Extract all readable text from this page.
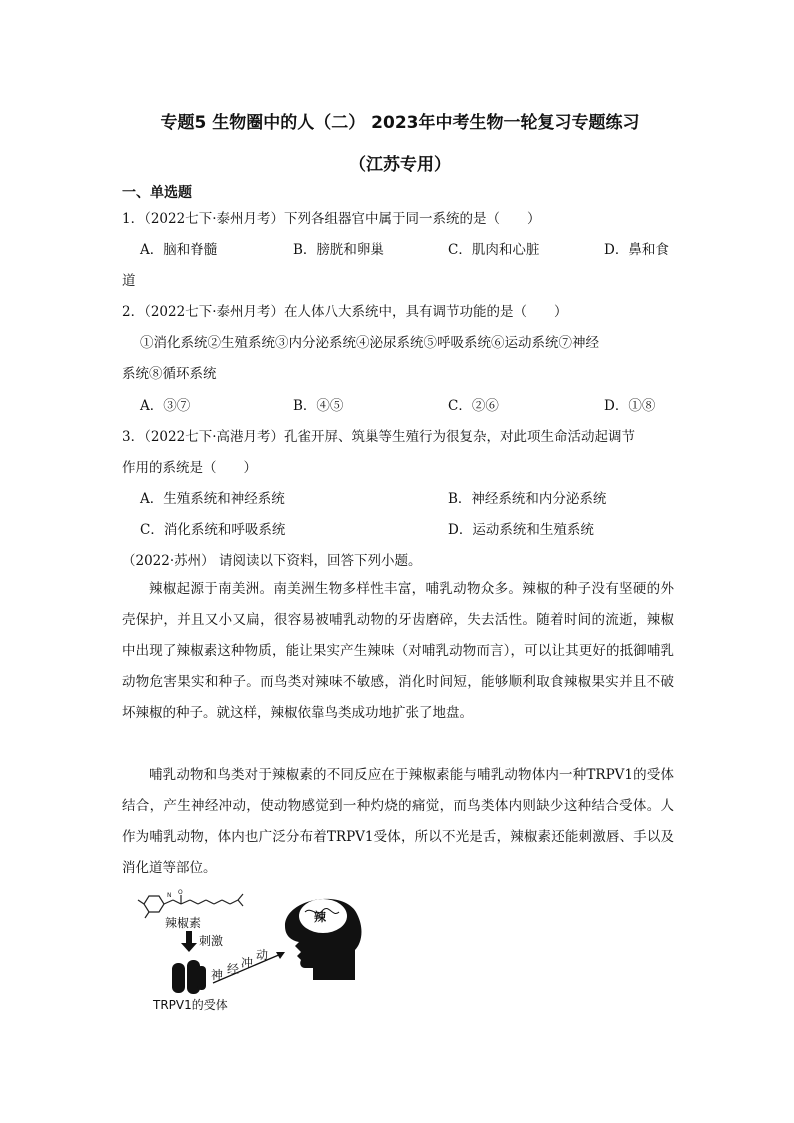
专题5 生物圈中的人（二） 2023年中考生物一轮复习专题练习
（江苏专用）
一、单选题
1．（2022七下·泰州月考）下列各组器官中属于同一系统的是（　　）
A．脑和脊髓	B．膀胱和卵巢	C．肌肉和心脏	D．鼻和食
道
2．（2022七下·泰州月考）在人体八大系统中，具有调节功能的是（　　）
①消化系统②生殖系统③内分泌系统④泌尿系统⑤呼吸系统⑥运动系统⑦神经
系统⑧循环系统
A．③⑦	B．④⑤	C．②⑥	D．①⑧
3．（2022七下·高港月考）孔雀开屏、筑巢等生殖行为很复杂，对此项生命活动起调节
作用的系统是（　　）
A．生殖系统和神经系统	B．神经系统和内分泌系统
C．消化系统和呼吸系统	D．运动系统和生殖系统
（2022·苏州） 请阅读以下资料，回答下列小题。
辣椒起源于南美洲。南美洲生物多样性丰富，哺乳动物众多。辣椒的种子没有坚硬的外壳保护，并且又小又扁，很容易被哺乳动物的牙齿磨碎，失去活性。随着时间的流逝，辣椒中出现了辣椒素这种物质，能让果实产生辣味（对哺乳动物而言），可以让其更好的抵御哺乳动物危害果实和种子。而鸟类对辣味不敏感，消化时间短，能够顺利取食辣椒果实并且不破坏辣椒的种子。就这样，辣椒依靠鸟类成功地扩张了地盘。
哺乳动物和鸟类对于辣椒素的不同反应在于辣椒素能与哺乳动物体内一种TRPV1的受体结合，产生神经冲动，使动物感觉到一种灼烧的痛觉，而鸟类体内则缺少这种结合受体。人作为哺乳动物，体内也广泛分布着TRPV1受体，所以不光是舌，辣椒素还能刺激唇、手以及消化道等部位。
N O
辣椒素
刺激
神 经 冲
动
辣
TRPV1的受体
